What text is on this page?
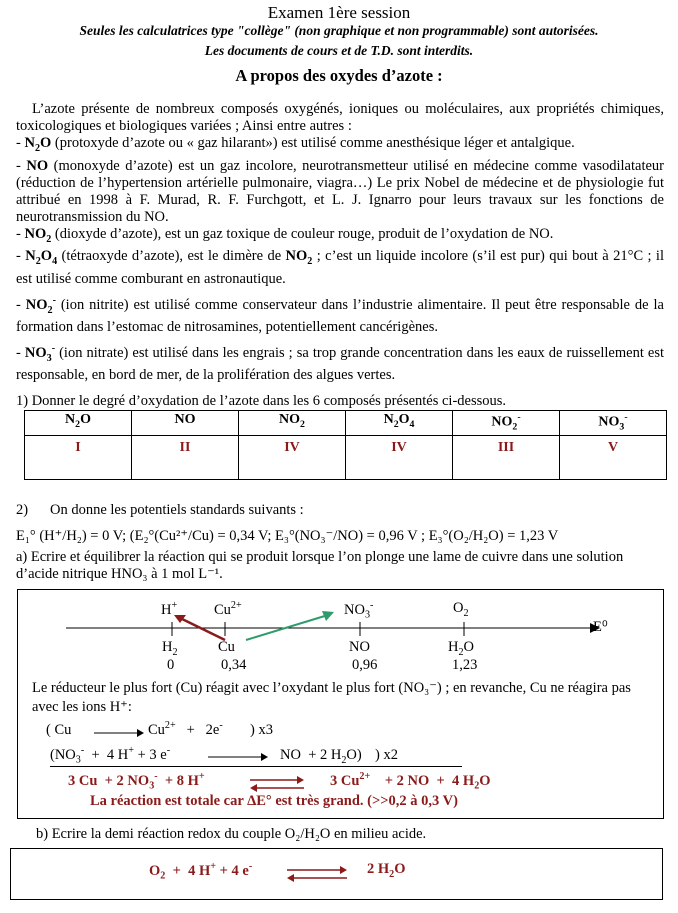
Examen 1ère session
Seules les calculatrices type "collège" (non graphique et non programmable) sont autorisées.
Les documents de cours et de T.D. sont interdits.
A propos des oxydes d’azote :

L’azote présente de nombreux composés oxygénés, ioniques ou moléculaires, aux propriétés chimiques, toxicologiques et biologiques variées ; Ainsi entre autres :

- $N_2O$ (protoxyde d’azote ou « gaz hilarant») est utilisé comme anesthésique léger et antalgique.

- NO (monoxyde d’azote) est un gaz incolore, neurotransmetteur utilisé en médecine comme vasodilatateur (réduction de l’hypertension artérielle pulmonaire, viagra…) Le prix Nobel de médecine et de physiologie fut attribué en 1998 à F. Murad, R. F. Furchgott, et L. J. Ignarro pour leurs travaux sur les fonctions de neurotransmission du NO.

- $NO_2$ (dioxyde d’azote), est un gaz toxique de couleur rouge, produit de l’oxydation de NO.

- $N_2O_4$ (tétraoxyde d’azote), est le dimère de $NO_2$ ; c’est un liquide incolore (s’il est pur) qui bout à 21°C ; il est utilisé comme comburant en astronautique.

- $NO_2^-$ (ion nitrite) est utilisé comme conservateur dans l’industrie alimentaire. Il peut être responsable de la formation dans l’estomac de nitrosamines, potentiellement cancérigènes.

- $NO_3^-$ (ion nitrate) est utilisé dans les engrais ; sa trop grande concentration dans les eaux de ruissellement est responsable, en bord de mer, de la prolifération des algues vertes.

1) Donner le degré d’oxydation de l’azote dans les 6 composés présentés ci-dessous.
$N_2O$	NO	$NO_2$	$N_2O_4$	$NO_2^-$	$NO_3^-$
I	II	IV	IV	III	V
2) On donne les potentiels standards suivants :
E₁° (H⁺/H₂) = 0 V; (E₂°(Cu²⁺/Cu) = 0,34 V; E₃°(NO₃⁻/NO) = 0,96 V ; E₃°(O₂/H₂O) = 1,23 V
a) Ecrire et équilibrer la réaction qui se produit lorsque l’on plonge une lame de cuivre dans une solution d’acide nitrique HNO₃ à 1 mol L⁻¹.
H+	$Cu^{2+}$	$NO_3^-$	$O_2$
E⁰
$H_2$	Cu	NO	$H_2O$
0	0,34	0,96	1,23
Le réducteur le plus fort (Cu) réagit avec l’oxydant le plus fort (NO₃⁻) ; en revanche, Cu ne réagira pas avec les ions H⁺:
( Cu	$Cu^{2+} + 2e^-$ ) x3
($NO_3^- + 4$ H+ + 3 e-	NO  + 2 $H_2O$) ) x2
3 Cu  + 2 $NO_3^- + 8$ H+	3 $Cu^{2+}$    + 2 NO  +  4 $H_2O$
La réaction est totale car ΔE° est très grand. (>>0,2 à 0,3 V)
b) Ecrire la demi réaction redox du couple O₂/H₂O en milieu acide.
$O_2 + 4$ H+ + 4 e-	2 $H_2O$
